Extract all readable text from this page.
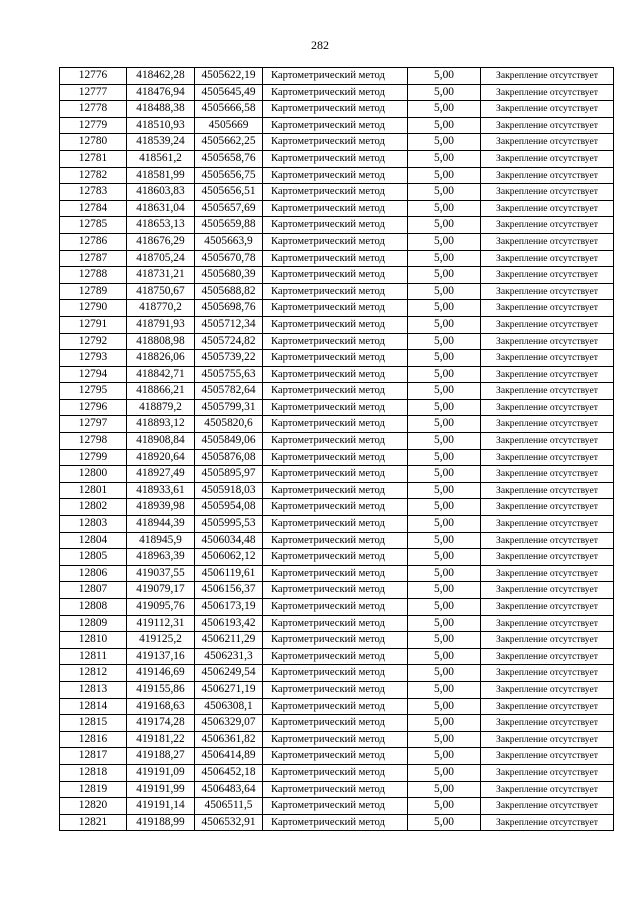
282
12776	418462,28	4505622,19	Картометрический метод	5,00	Закрепление отсутствует
12777	418476,94	4505645,49	Картометрический метод	5,00	Закрепление отсутствует
12778	418488,38	4505666,58	Картометрический метод	5,00	Закрепление отсутствует
12779	418510,93	4505669	Картометрический метод	5,00	Закрепление отсутствует
12780	418539,24	4505662,25	Картометрический метод	5,00	Закрепление отсутствует
12781	418561,2	4505658,76	Картометрический метод	5,00	Закрепление отсутствует
12782	418581,99	4505656,75	Картометрический метод	5,00	Закрепление отсутствует
12783	418603,83	4505656,51	Картометрический метод	5,00	Закрепление отсутствует
12784	418631,04	4505657,69	Картометрический метод	5,00	Закрепление отсутствует
12785	418653,13	4505659,88	Картометрический метод	5,00	Закрепление отсутствует
12786	418676,29	4505663,9	Картометрический метод	5,00	Закрепление отсутствует
12787	418705,24	4505670,78	Картометрический метод	5,00	Закрепление отсутствует
12788	418731,21	4505680,39	Картометрический метод	5,00	Закрепление отсутствует
12789	418750,67	4505688,82	Картометрический метод	5,00	Закрепление отсутствует
12790	418770,2	4505698,76	Картометрический метод	5,00	Закрепление отсутствует
12791	418791,93	4505712,34	Картометрический метод	5,00	Закрепление отсутствует
12792	418808,98	4505724,82	Картометрический метод	5,00	Закрепление отсутствует
12793	418826,06	4505739,22	Картометрический метод	5,00	Закрепление отсутствует
12794	418842,71	4505755,63	Картометрический метод	5,00	Закрепление отсутствует
12795	418866,21	4505782,64	Картометрический метод	5,00	Закрепление отсутствует
12796	418879,2	4505799,31	Картометрический метод	5,00	Закрепление отсутствует
12797	418893,12	4505820,6	Картометрический метод	5,00	Закрепление отсутствует
12798	418908,84	4505849,06	Картометрический метод	5,00	Закрепление отсутствует
12799	418920,64	4505876,08	Картометрический метод	5,00	Закрепление отсутствует
12800	418927,49	4505895,97	Картометрический метод	5,00	Закрепление отсутствует
12801	418933,61	4505918,03	Картометрический метод	5,00	Закрепление отсутствует
12802	418939,98	4505954,08	Картометрический метод	5,00	Закрепление отсутствует
12803	418944,39	4505995,53	Картометрический метод	5,00	Закрепление отсутствует
12804	418945,9	4506034,48	Картометрический метод	5,00	Закрепление отсутствует
12805	418963,39	4506062,12	Картометрический метод	5,00	Закрепление отсутствует
12806	419037,55	4506119,61	Картометрический метод	5,00	Закрепление отсутствует
12807	419079,17	4506156,37	Картометрический метод	5,00	Закрепление отсутствует
12808	419095,76	4506173,19	Картометрический метод	5,00	Закрепление отсутствует
12809	419112,31	4506193,42	Картометрический метод	5,00	Закрепление отсутствует
12810	419125,2	4506211,29	Картометрический метод	5,00	Закрепление отсутствует
12811	419137,16	4506231,3	Картометрический метод	5,00	Закрепление отсутствует
12812	419146,69	4506249,54	Картометрический метод	5,00	Закрепление отсутствует
12813	419155,86	4506271,19	Картометрический метод	5,00	Закрепление отсутствует
12814	419168,63	4506308,1	Картометрический метод	5,00	Закрепление отсутствует
12815	419174,28	4506329,07	Картометрический метод	5,00	Закрепление отсутствует
12816	419181,22	4506361,82	Картометрический метод	5,00	Закрепление отсутствует
12817	419188,27	4506414,89	Картометрический метод	5,00	Закрепление отсутствует
12818	419191,09	4506452,18	Картометрический метод	5,00	Закрепление отсутствует
12819	419191,99	4506483,64	Картометрический метод	5,00	Закрепление отсутствует
12820	419191,14	4506511,5	Картометрический метод	5,00	Закрепление отсутствует
12821	419188,99	4506532,91	Картометрический метод	5,00	Закрепление отсутствует
